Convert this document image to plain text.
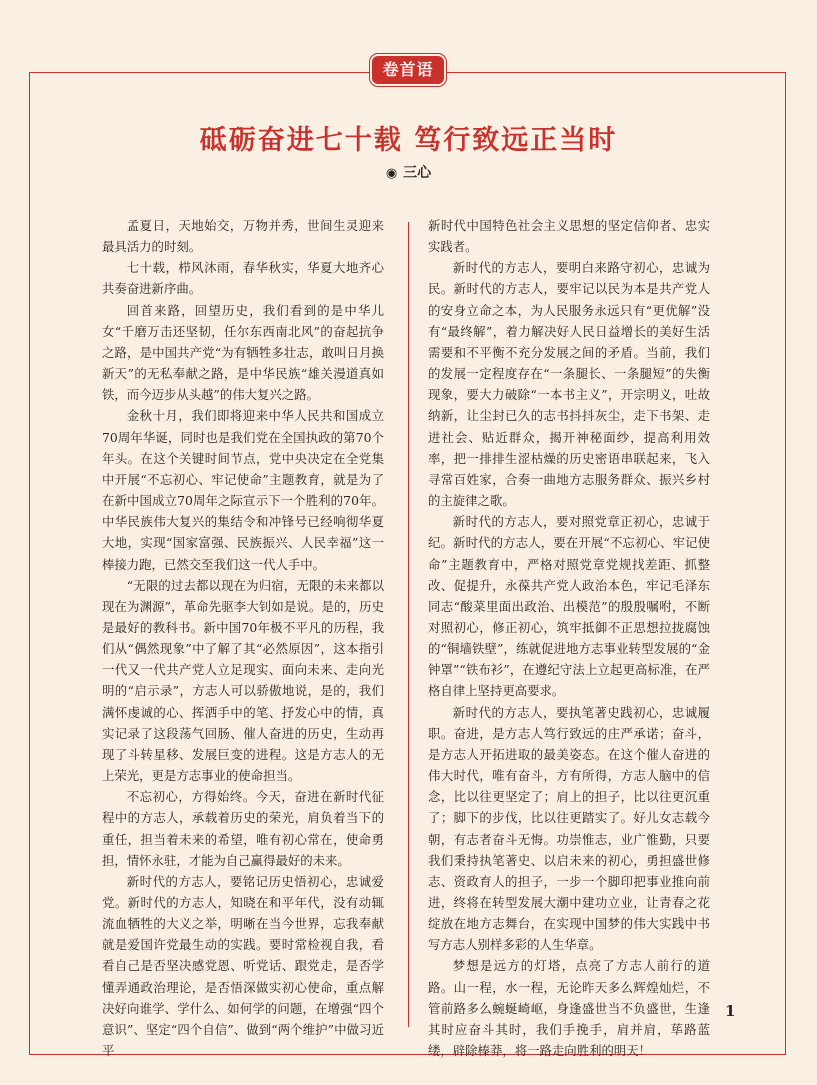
卷首语
砥砺奋进七十载 笃行致远正当时
◉ 三心

孟夏日，天地始交，万物并秀，世间生灵迎来最具活力的时刻。

七十载，栉风沐雨，春华秋实，华夏大地齐心共奏奋进新序曲。

回首来路，回望历史，我们看到的是中华儿女“千磨万击还坚韧，任尔东西南北风”的奋起抗争之路，是中国共产党“为有牺牲多壮志，敢叫日月换新天”的无私奉献之路，是中华民族“雄关漫道真如铁，而今迈步从头越”的伟大复兴之路。

金秋十月，我们即将迎来中华人民共和国成立70周年华诞，同时也是我们党在全国执政的第70个年头。在这个关键时间节点，党中央决定在全党集中开展“不忘初心、牢记使命”主题教育，就是为了在新中国成立70周年之际宣示下一个胜利的70年。中华民族伟大复兴的集结令和冲锋号已经响彻华夏大地，实现“国家富强、民族振兴、人民幸福”这一棒接力跑，已然交至我们这一代人手中。

“无限的过去都以现在为归宿，无限的未来都以现在为渊源”，革命先驱李大钊如是说。是的，历史是最好的教科书。新中国70年极不平凡的历程，我们从“偶然现象”中了解了其“必然原因”，这本指引一代又一代共产党人立足现实、面向未来、走向光明的“启示录”，方志人可以骄傲地说，是的，我们满怀虔诚的心、挥洒手中的笔、抒发心中的情，真实记录了这段荡气回肠、催人奋进的历史，生动再现了斗转星移、发展巨变的进程。这是方志人的无上荣光，更是方志事业的使命担当。

不忘初心，方得始终。今天，奋进在新时代征程中的方志人，承载着历史的荣光，肩负着当下的重任，担当着未来的希望，唯有初心常在，使命勇担，情怀永驻，才能为自己赢得最好的未来。

新时代的方志人，要铭记历史悟初心，忠诚爱党。新时代的方志人，知晓在和平年代，没有动辄流血牺牲的大义之举，明晰在当今世界，忘我奉献就是爱国许党最生动的实践。要时常检视自我，看看自己是否坚决感党恩、听党话、跟党走，是否学懂弄通政治理论，是否悟深做实初心使命，重点解决好向谁学、学什么、如何学的问题，在增强“四个意识”、坚定“四个自信”、做到“两个维护”中做习近平

新时代中国特色社会主义思想的坚定信仰者、忠实实践者。

新时代的方志人，要明白来路守初心，忠诚为民。新时代的方志人，要牢记以民为本是共产党人的安身立命之本，为人民服务永远只有“更优解”没有“最终解”，着力解决好人民日益增长的美好生活需要和不平衡不充分发展之间的矛盾。当前，我们的发展一定程度存在“一条腿长、一条腿短”的失衡现象，要大力破除“一本书主义”，开宗明义，吐故纳新，让尘封已久的志书抖抖灰尘，走下书架、走进社会、贴近群众，揭开神秘面纱，提高利用效率，把一排排生涩枯燥的历史密语串联起来，飞入寻常百姓家，合奏一曲地方志服务群众、振兴乡村的主旋律之歌。

新时代的方志人，要对照党章正初心，忠诚于纪。新时代的方志人，要在开展“不忘初心、牢记使命”主题教育中，严格对照党章党规找差距、抓整改、促提升，永葆共产党人政治本色，牢记毛泽东同志“酸菜里面出政治、出模范”的殷殷嘱咐，不断对照初心，修正初心，筑牢抵御不正思想拉拢腐蚀的“铜墙铁壁”，练就促进地方志事业转型发展的“金钟罩”“铁布衫”，在遵纪守法上立起更高标准，在严格自律上坚持更高要求。

新时代的方志人，要执笔著史践初心，忠诚履职。奋进，是方志人笃行致远的庄严承诺；奋斗，是方志人开拓进取的最美姿态。在这个催人奋进的伟大时代，唯有奋斗，方有所得，方志人脑中的信念，比以往更坚定了；肩上的担子，比以往更沉重了；脚下的步伐，比以往更踏实了。好儿女志载今朝，有志者奋斗无悔。功崇惟志，业广惟勤，只要我们秉持执笔著史、以启未来的初心，勇担盛世修志、资政育人的担子，一步一个脚印把事业推向前进，终将在转型发展大潮中建功立业，让青春之花绽放在地方志舞台，在实现中国梦的伟大实践中书写方志人别样多彩的人生华章。

梦想是远方的灯塔，点亮了方志人前行的道路。山一程，水一程，无论昨天多么辉煌灿烂，不管前路多么蜿蜒崎岖，身逢盛世当不负盛世，生逢其时应奋斗其时，我们手挽手，肩并肩，荜路蓝缕，辟除榛莽，将一路走向胜利的明天！

1
